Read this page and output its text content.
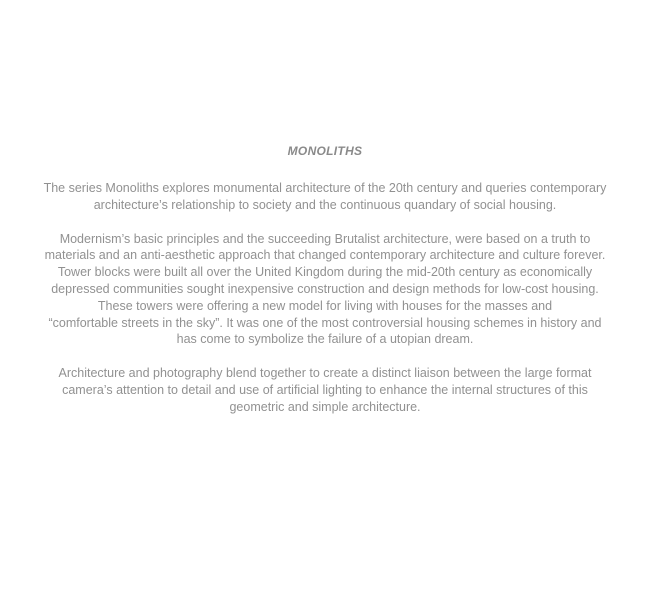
MONOLITHS

The series Monoliths explores monumental architecture of the 20th century and queries contemporary
architecture’s relationship to society and the continuous quandary of social housing.

Modernism’s basic principles and the succeeding Brutalist architecture, were based on a truth to
materials and an anti-aesthetic approach that changed contemporary architecture and culture forever.
Tower blocks were built all over the United Kingdom during the mid-20th century as economically
depressed communities sought inexpensive construction and design methods for low-cost housing.
These towers were offering a new model for living with houses for the masses and
“comfortable streets in the sky”. It was one of the most controversial housing schemes in history and
has come to symbolize the failure of a utopian dream.

Architecture and photography blend together to create a distinct liaison between the large format
camera’s attention to detail and use of artificial lighting to enhance the internal structures of this
geometric and simple architecture.
